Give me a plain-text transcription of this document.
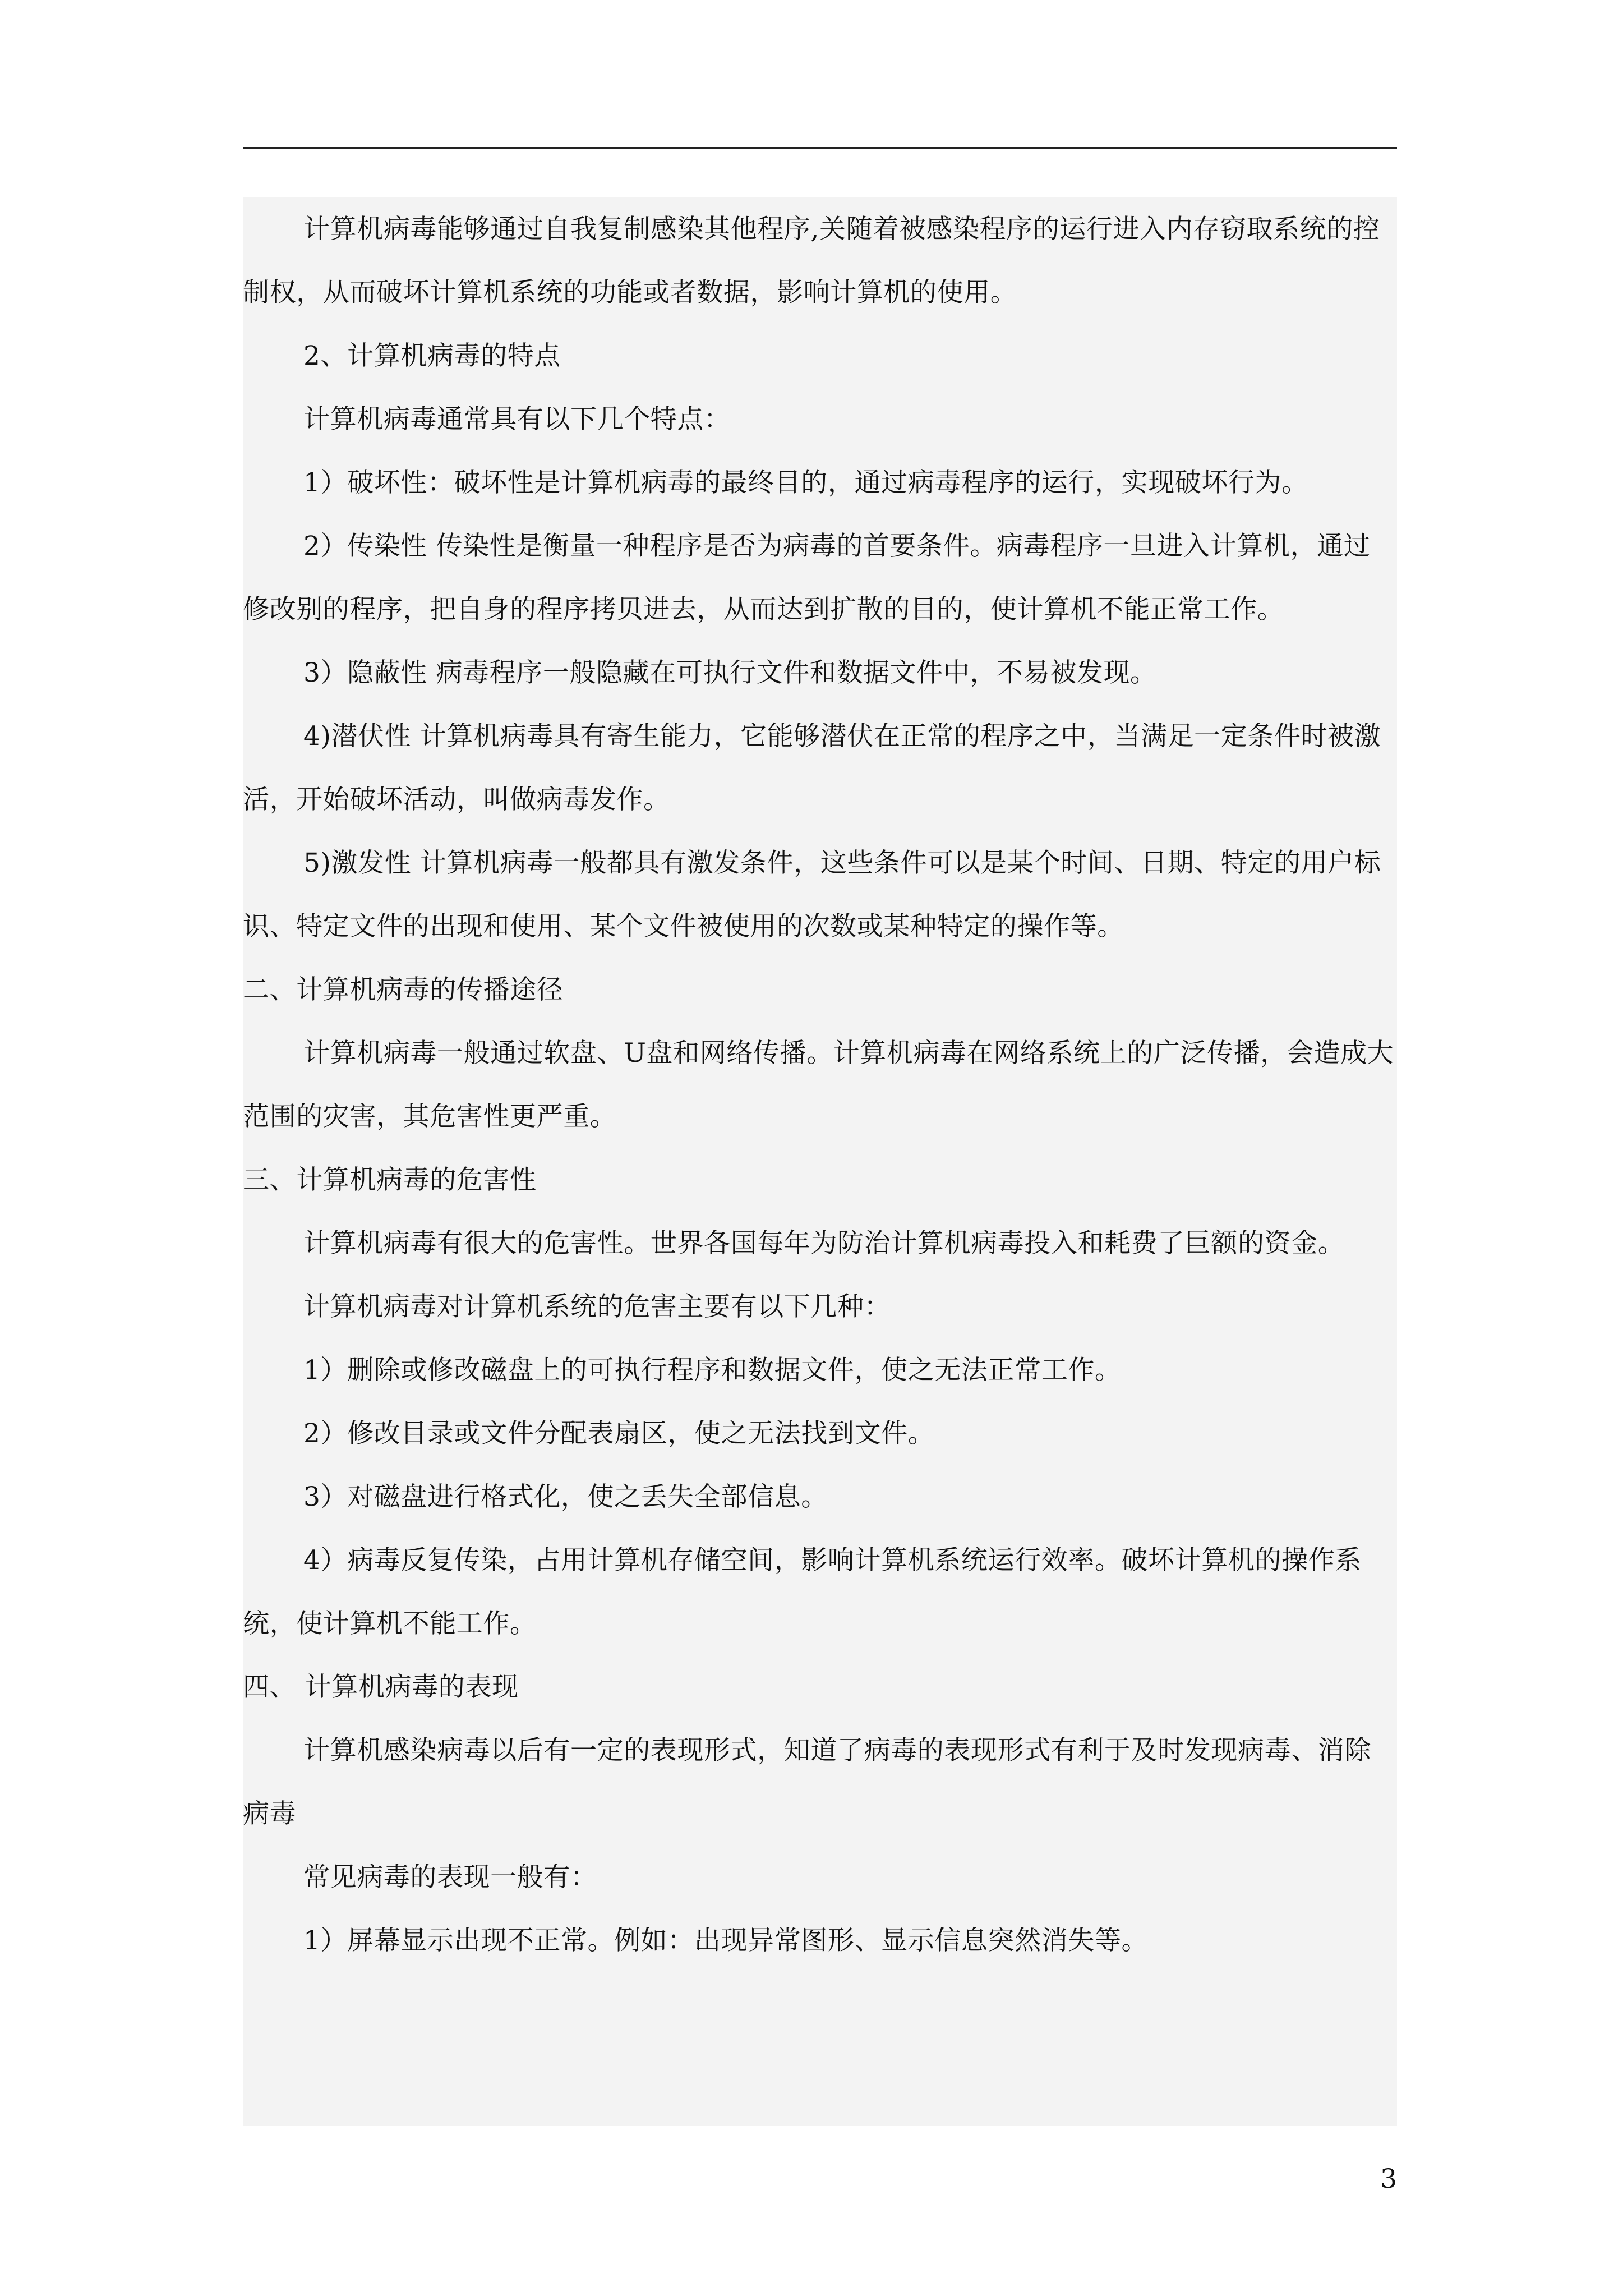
计算机病毒能够通过自我复制感染其他程序,关随着被感染程序的运行进入内存窃取系统的控制权，从而破坏计算机系统的功能或者数据，影响计算机的使用。

2、计算机病毒的特点

计算机病毒通常具有以下几个特点：

1）破坏性：破坏性是计算机病毒的最终目的，通过病毒程序的运行，实现破坏行为。

2）传染性 传染性是衡量一种程序是否为病毒的首要条件。病毒程序一旦进入计算机，通过修改别的程序，把自身的程序拷贝进去，从而达到扩散的目的，使计算机不能正常工作。

3）隐蔽性 病毒程序一般隐藏在可执行文件和数据文件中，不易被发现。

4)潜伏性 计算机病毒具有寄生能力，它能够潜伏在正常的程序之中，当满足一定条件时被激活，开始破坏活动，叫做病毒发作。

5)激发性 计算机病毒一般都具有激发条件，这些条件可以是某个时间、日期、特定的用户标识、特定文件的出现和使用、某个文件被使用的次数或某种特定的操作等。

二、计算机病毒的传播途径

计算机病毒一般通过软盘、U盘和网络传播。计算机病毒在网络系统上的广泛传播，会造成大范围的灾害，其危害性更严重。

三、计算机病毒的危害性

计算机病毒有很大的危害性。世界各国每年为防治计算机病毒投入和耗费了巨额的资金。

计算机病毒对计算机系统的危害主要有以下几种：

1）删除或修改磁盘上的可执行程序和数据文件，使之无法正常工作。

2）修改目录或文件分配表扇区，使之无法找到文件。

3）对磁盘进行格式化，使之丢失全部信息。

4）病毒反复传染，占用计算机存储空间，影响计算机系统运行效率。破坏计算机的操作系统，使计算机不能工作。

四、 计算机病毒的表现

计算机感染病毒以后有一定的表现形式，知道了病毒的表现形式有利于及时发现病毒、消除病毒

常见病毒的表现一般有：

1）屏幕显示出现不正常。例如：出现异常图形、显示信息突然消失等。

3
